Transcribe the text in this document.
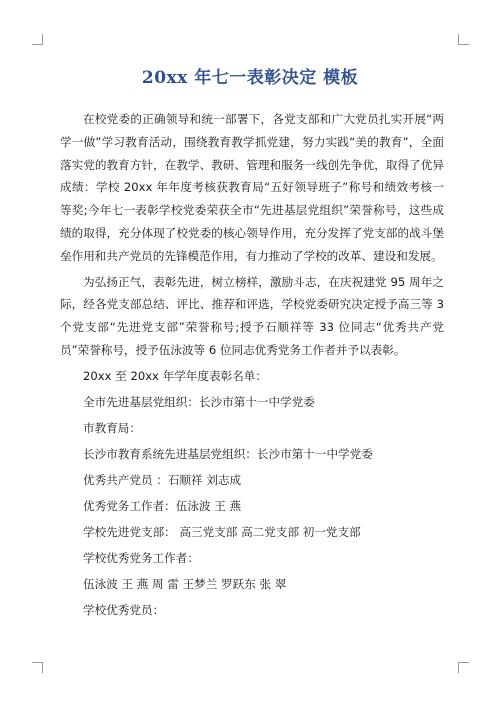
20xx 年七一表彰决定 模板

在校党委的正确领导和统一部署下，各党支部和广大党员扎实开展“两学一做”学习教育活动，围绕教育教学抓党建，努力实践“美的教育”，全面落实党的教育方针，在教学、教研、管理和服务一线创先争优，取得了优异成绩：学校 20xx 年年度考核获教育局“五好领导班子”称号和绩效考核一等奖;今年七一表彰学校党委荣获全市“先进基层党组织”荣誉称号，这些成绩的取得，充分体现了校党委的核心领导作用，充分发挥了党支部的战斗堡垒作用和共产党员的先锋模范作用，有力推动了学校的改革、建设和发展。

为弘扬正气，表彰先进，树立榜样，激励斗志，在庆祝建党 95 周年之际，经各党支部总结、评比、推荐和评选，学校党委研究决定授予高三等 3 个党支部“先进党支部”荣誉称号;授予石顺祥等 33 位同志“优秀共产党员”荣誉称号，授予伍泳波等 6 位同志优秀党务工作者并予以表彰。

20xx 至 20xx 年学年度表彰名单：

全市先进基层党组织：长沙市第十一中学党委

市教育局：

长沙市教育系统先进基层党组织：长沙市第十一中学党委

优秀共产党员 ：石顺祥 刘志成

优秀党务工作者：伍泳波 王 燕

学校先进党支部： 高三党支部 高二党支部 初一党支部

学校优秀党务工作者：

伍泳波 王 燕 周 雷 王梦兰 罗跃东 张 翠

学校优秀党员：
